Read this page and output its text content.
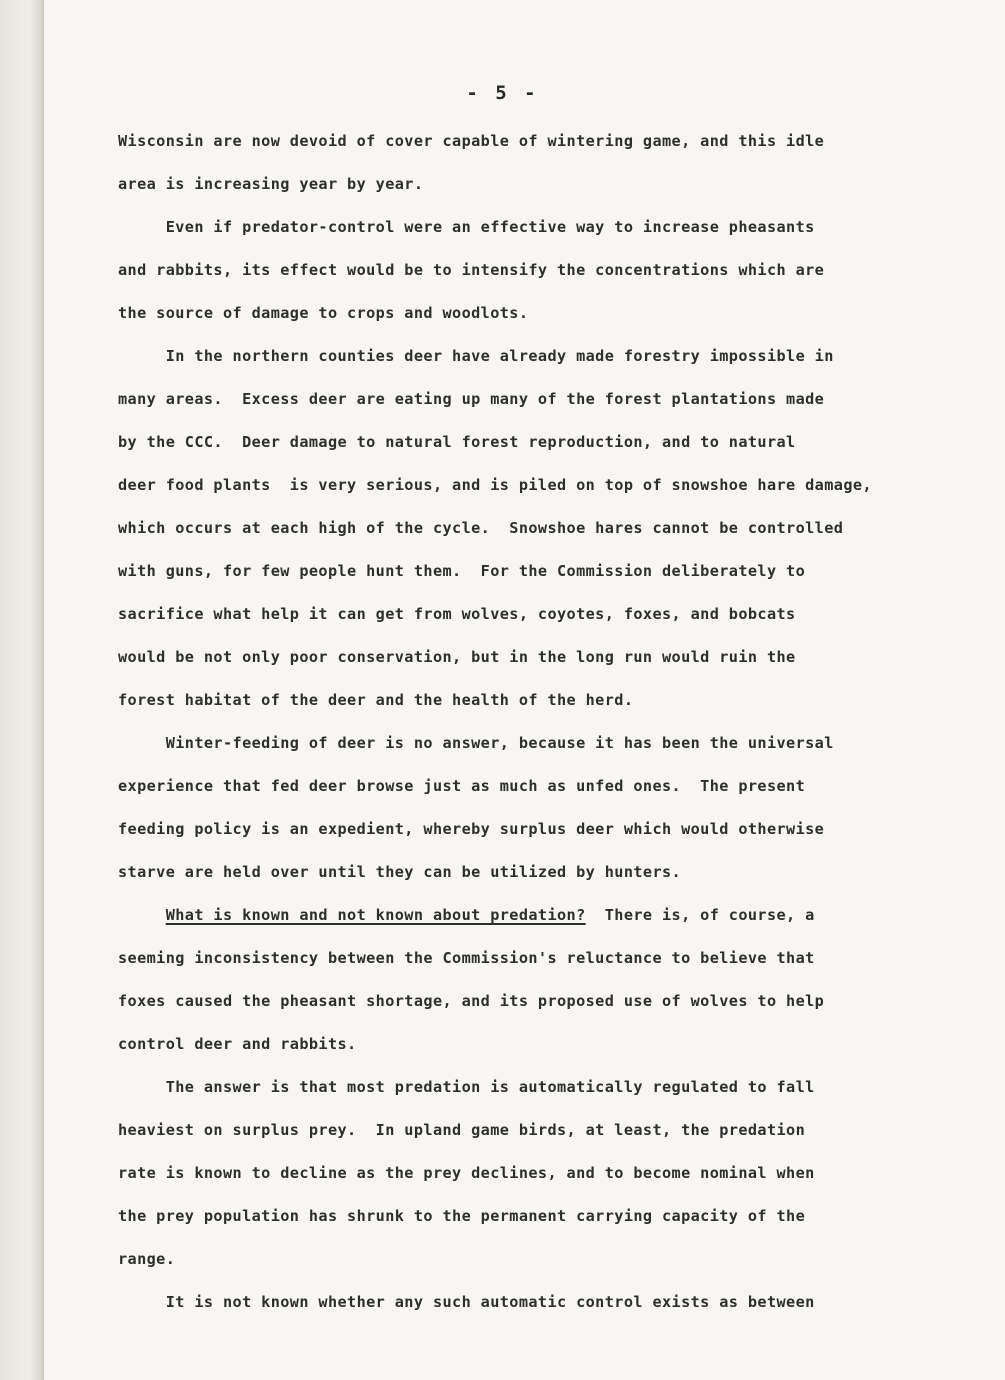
- 5 -
Wisconsin are now devoid of cover capable of wintering game, and this idle
area is increasing year by year.
Even if predator-control were an effective way to increase pheasants
and rabbits, its effect would be to intensify the concentrations which are
the source of damage to crops and woodlots.
In the northern counties deer have already made forestry impossible in
many areas.  Excess deer are eating up many of the forest plantations made
by the CCC.  Deer damage to natural forest reproduction, and to natural
deer food plants  is very serious, and is piled on top of snowshoe hare damage,
which occurs at each high of the cycle.  Snowshoe hares cannot be controlled
with guns, for few people hunt them.  For the Commission deliberately to
sacrifice what help it can get from wolves, coyotes, foxes, and bobcats
would be not only poor conservation, but in the long run would ruin the
forest habitat of the deer and the health of the herd.
Winter-feeding of deer is no answer, because it has been the universal
experience that fed deer browse just as much as unfed ones.  The present
feeding policy is an expedient, whereby surplus deer which would otherwise
starve are held over until they can be utilized by hunters.
What is known and not known about predation?  There is, of course, a
seeming inconsistency between the Commission's reluctance to believe that
foxes caused the pheasant shortage, and its proposed use of wolves to help
control deer and rabbits.
The answer is that most predation is automatically regulated to fall
heaviest on surplus prey.  In upland game birds, at least, the predation
rate is known to decline as the prey declines, and to become nominal when
the prey population has shrunk to the permanent carrying capacity of the
range.
It is not known whether any such automatic control exists as between
